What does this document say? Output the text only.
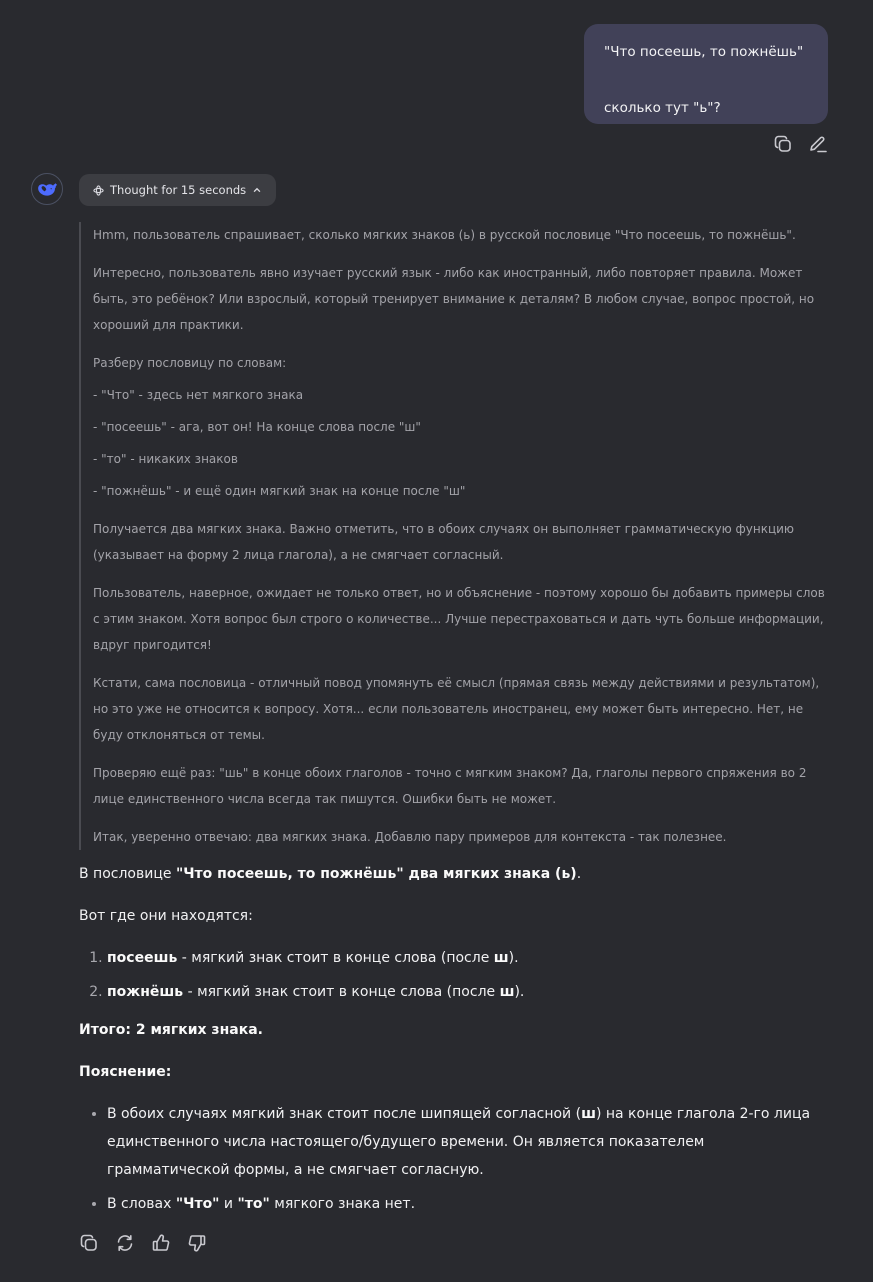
"Что посеешь, то пожнёшь"
сколько тут "ь"?
Thought for 15 seconds

Hmm, пользователь спрашивает, сколько мягких знаков (ь) в русской пословице "Что посеешь, то пожнёшь".

Интересно, пользователь явно изучает русский язык - либо как иностранный, либо повторяет правила. Может быть, это ребёнок? Или взрослый, который тренирует внимание к деталям? В любом случае, вопрос простой, но хороший для практики.

Разберу пословицу по словам:

- "Что" - здесь нет мягкого знака

- "посеешь" - ага, вот он! На конце слова после "ш"

- "то" - никаких знаков

- "пожнёшь" - и ещё один мягкий знак на конце после "ш"

Получается два мягких знака. Важно отметить, что в обоих случаях он выполняет грамматическую функцию (указывает на форму 2 лица глагола), а не смягчает согласный.

Пользователь, наверное, ожидает не только ответ, но и объяснение - поэтому хорошо бы добавить примеры слов с этим знаком. Хотя вопрос был строго о количестве... Лучше перестраховаться и дать чуть больше информации, вдруг пригодится!

Кстати, сама пословица - отличный повод упомянуть её смысл (прямая связь между действиями и результатом), но это уже не относится к вопросу. Хотя... если пользователь иностранец, ему может быть интересно. Нет, не буду отклоняться от темы.

Проверяю ещё раз: "шь" в конце обоих глаголов - точно с мягким знаком? Да, глаголы первого спряжения во 2 лице единственного числа всегда так пишутся. Ошибки быть не может.

Итак, уверенно отвечаю: два мягких знака. Добавлю пару примеров для контекста - так полезнее.

В пословице "Что посеешь, то пожнёшь" два мягких знака (ь).

Вот где они находятся:

1. посеешь - мягкий знак стоит в конце слова (после ш).
2. пожнёшь - мягкий знак стоит в конце слова (после ш).

Итого: 2 мягких знака.

Пояснение:

• В обоих случаях мягкий знак стоит после шипящей согласной (ш) на конце глагола 2-го лица единственного числа настоящего/будущего времени. Он является показателем грамматической формы, а не смягчает согласную.
• В словах "Что" и "то" мягкого знака нет.
